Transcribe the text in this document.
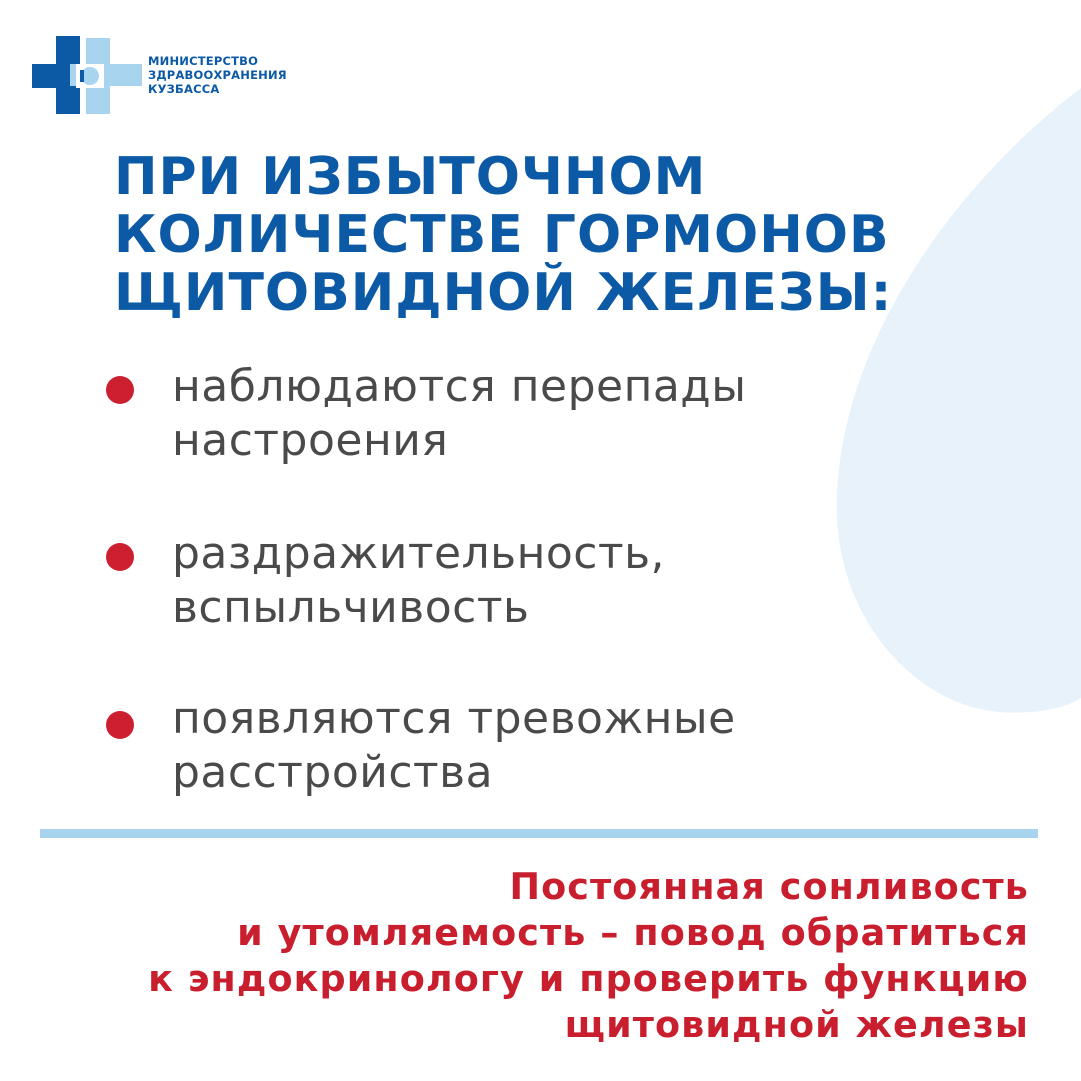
МИНИСТЕРСТВО
ЗДРАВООХРАНЕНИЯ
КУЗБАССА
ПРИ ИЗБЫТОЧНОМ
КОЛИЧЕСТВЕ ГОРМОНОВ
ЩИТОВИДНОЙ ЖЕЛЕЗЫ:
наблюдаются перепады
настроения
раздражительность,
вспыльчивость
появляются тревожные
расстройства
Постоянная сонливость
и утомляемость – повод обратиться
к эндокринологу и проверить функцию
щитовидной железы
